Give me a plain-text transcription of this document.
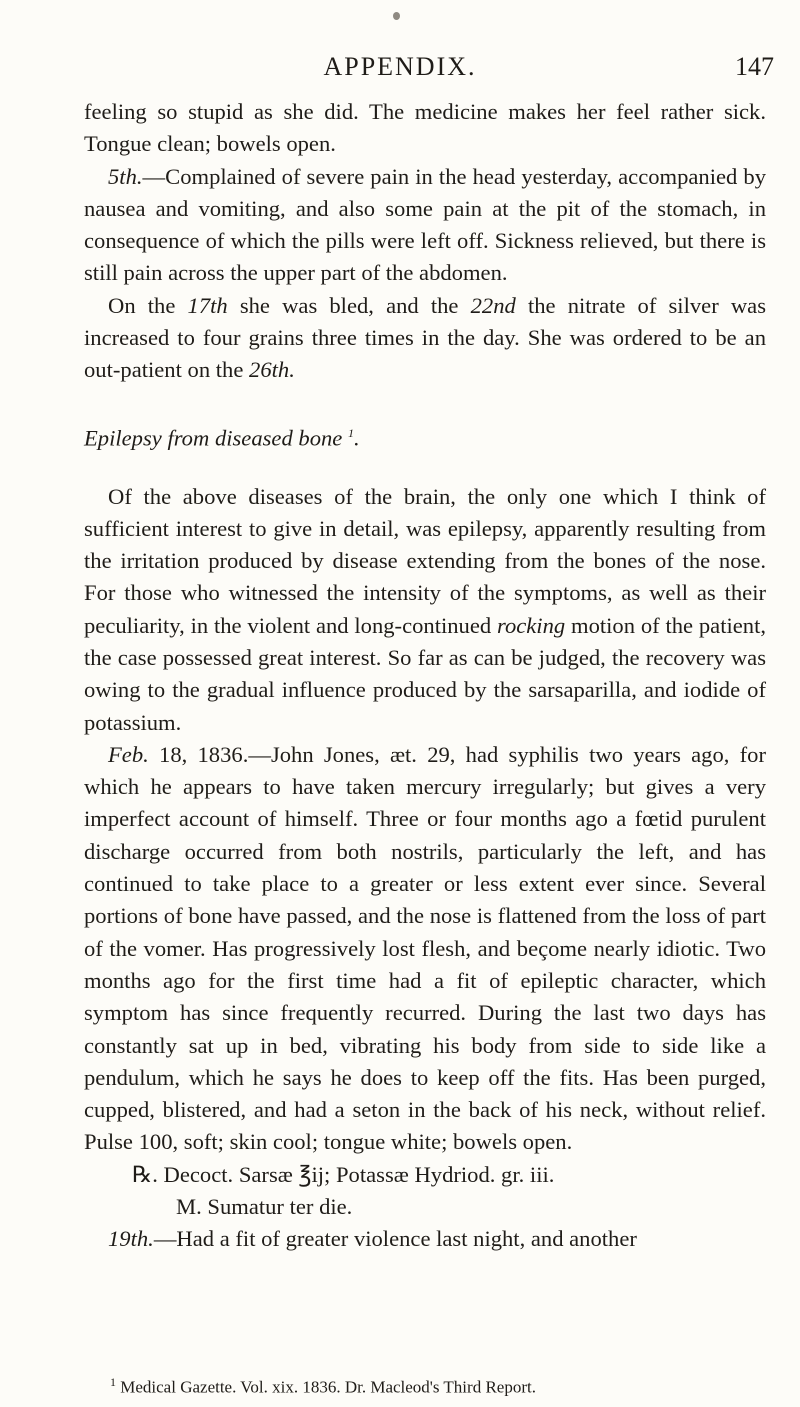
APPENDIX.	147

feeling so stupid as she did. The medicine makes her feel rather sick. Tongue clean; bowels open.

5th.—Complained of severe pain in the head yesterday, accompanied by nausea and vomiting, and also some pain at the pit of the stomach, in consequence of which the pills were left off. Sickness relieved, but there is still pain across the upper part of the abdomen.

On the 17th she was bled, and the 22nd the nitrate of silver was increased to four grains three times in the day. She was ordered to be an out-patient on the 26th.

Epilepsy from diseased bone $^1$.

Of the above diseases of the brain, the only one which I think of sufficient interest to give in detail, was epilepsy, apparently resulting from the irritation produced by disease extending from the bones of the nose. For those who witnessed the intensity of the symptoms, as well as their peculiarity, in the violent and long-continued rocking motion of the patient, the case possessed great interest. So far as can be judged, the recovery was owing to the gradual influence produced by the sarsaparilla, and iodide of potassium.

Feb. 18, 1836.—John Jones, æt. 29, had syphilis two years ago, for which he appears to have taken mercury irregularly; but gives a very imperfect account of himself. Three or four months ago a fœtid purulent discharge occurred from both nostrils, particularly the left, and has continued to take place to a greater or less extent ever since. Several portions of bone have passed, and the nose is flattened from the loss of part of the vomer. Has progressively lost flesh, and beçome nearly idiotic. Two months ago for the first time had a fit of epileptic character, which symptom has since frequently recurred. During the last two days has constantly sat up in bed, vibrating his body from side to side like a pendulum, which he says he does to keep off the fits. Has been purged, cupped, blistered, and had a seton in the back of his neck, without relief. Pulse 100, soft; skin cool; tongue white; bowels open.

℞. Decoct. Sarsæ ℥ij; Potassæ Hydriod. gr. iii.

M. Sumatur ter die.

19th.—Had a fit of greater violence last night, and another

$^1$ Medical Gazette. Vol. xix. 1836. Dr. Macleod's Third Report.
